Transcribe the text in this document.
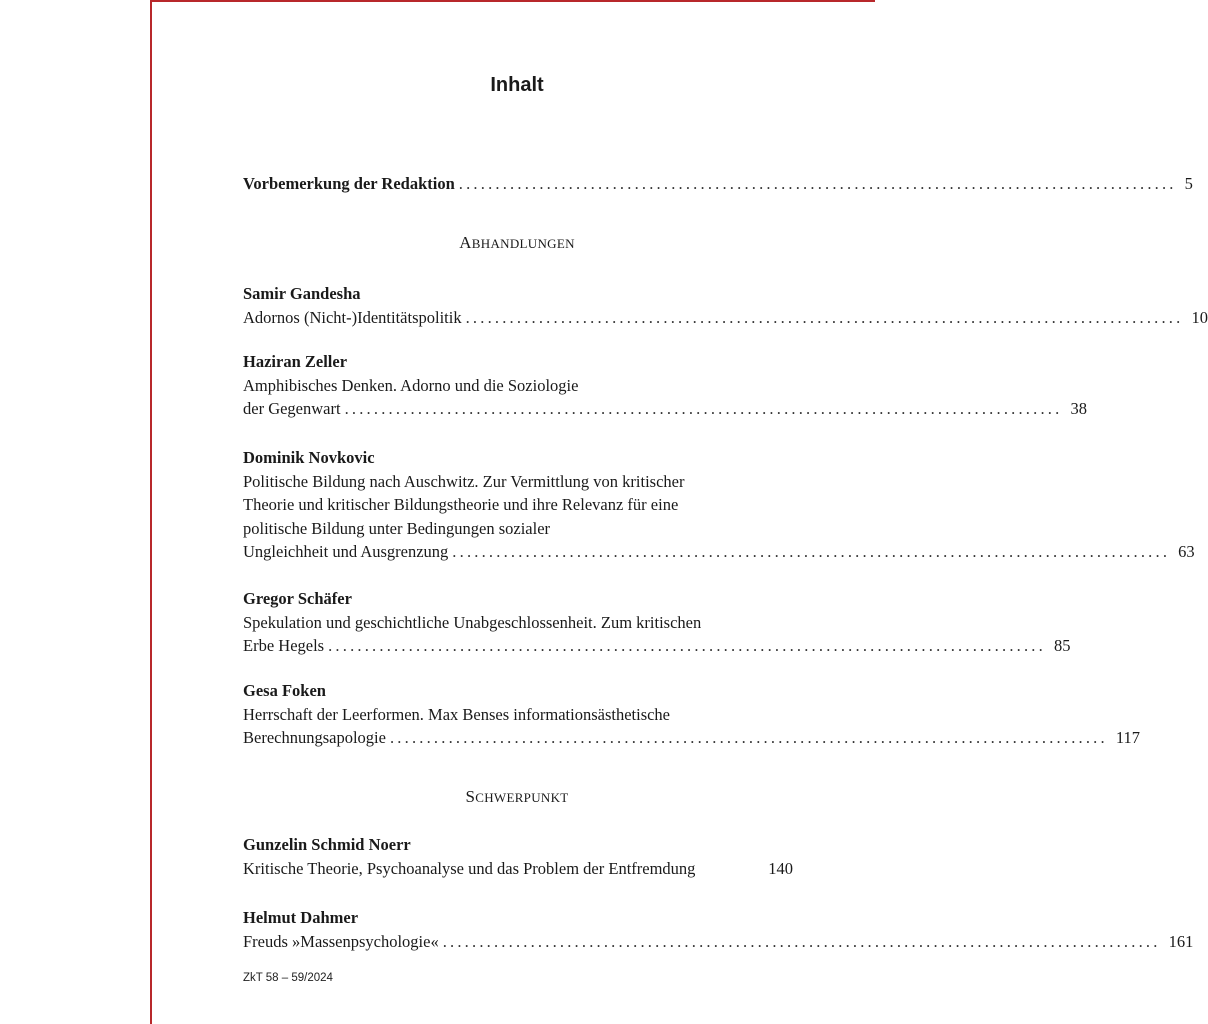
Inhalt
Vorbemerkung der Redaktion .................................................................................................. 5
ABHANDLUNGEN
Samir Gandesha
Adornos (Nicht-)Identitätspolitik .................................................................................................. 10
Haziran Zeller
Amphibisches Denken. Adorno und die Soziologie
der Gegenwart .................................................................................................. 38
Dominik Novkovic
Politische Bildung nach Auschwitz. Zur Vermittlung von kritischer
Theorie und kritischer Bildungstheorie und ihre Relevanz für eine
politische Bildung unter Bedingungen sozialer
Ungleichheit und Ausgrenzung .................................................................................................. 63
Gregor Schäfer
Spekulation und geschichtliche Unabgeschlossenheit. Zum kritischen
Erbe Hegels .................................................................................................. 85
Gesa Foken
Herrschaft der Leerformen. Max Benses informationsästhetische
Berechnungsapologie .................................................................................................. 117
SCHWERPUNKT
Gunzelin Schmid Noerr
Kritische Theorie, Psychoanalyse und das Problem der Entfremdung	140
Helmut Dahmer
Freuds »Massenpsychologie« .................................................................................................. 161
ZkT 58 – 59/2024
